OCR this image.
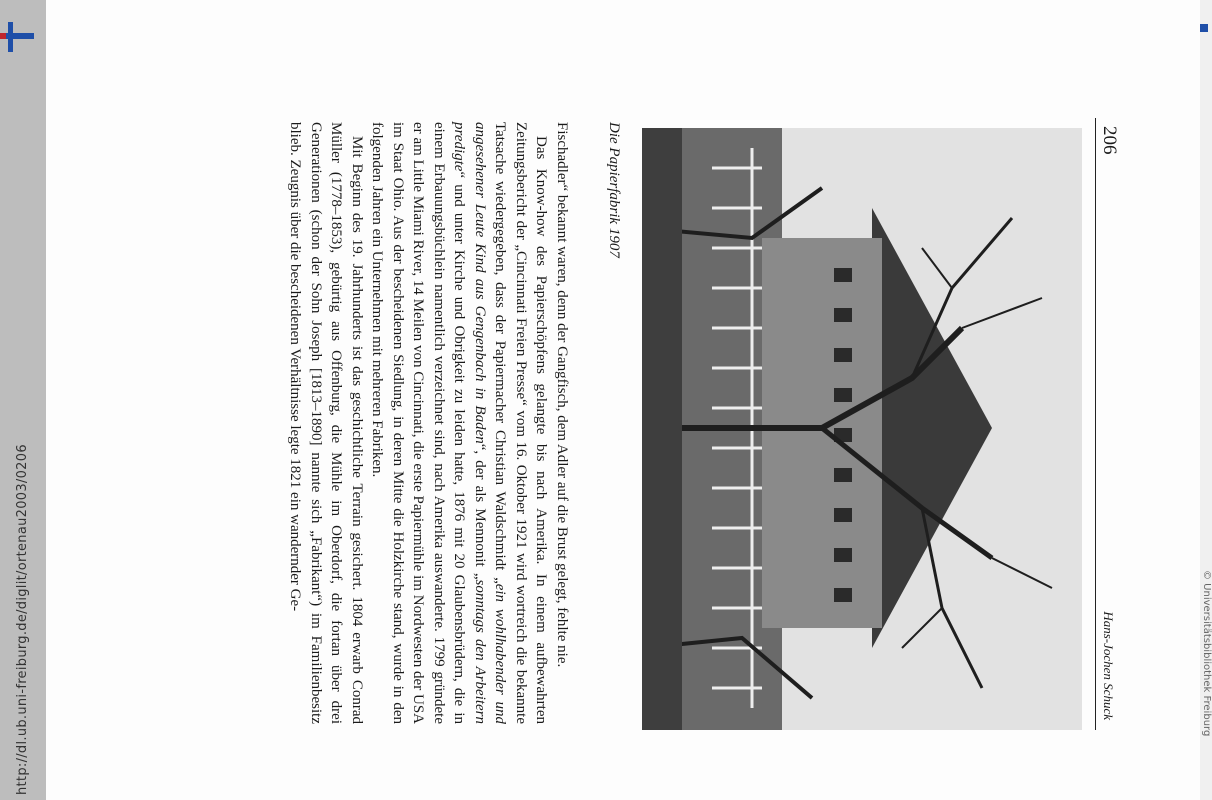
© Universitätsbibliothek Freiburg
http://dl.ub.uni-freiburg.de/diglit/ortenau2003/0206
206
Hans-Jochen Schuck
Die Papierfabrik 1907

Fischadler“ bekannt waren, denn der Gangfisch, dem Adler auf die Brust gelegt, fehlte nie.

Das Know-how des Papierschöpfens gelangte bis nach Amerika. In einem aufbewahrten Zeitungsbericht der „Cincinnati Freien Presse“ vom 16. Oktober 1921 wird wortreich die bekannte Tatsache wiedergegeben, dass der Papiermacher Christian Waldschmidt „ein wohlhabender und angesehener Leute Kind aus Gengenbach in Baden“, der als Mennonit „sonntags den Arbeitern predigte“ und unter Kirche und Obrigkeit zu leiden hatte, 1876 mit 20 Glaubensbrüdern, die in einem Erbauungsbüchlein namentlich verzeichnet sind, nach Amerika auswanderte. 1799 gründete er am Little Miami River, 14 Meilen von Cincinnati, die erste Papiermühle im Nordwesten der USA im Staat Ohio. Aus der bescheidenen Siedlung, in deren Mitte die Holzkirche stand, wurde in den folgenden Jahren ein Unternehmen mit mehreren Fabriken.

Mit Beginn des 19. Jahrhunderts ist das geschichtliche Terrain gesichert. 1804 erwarb Conrad Müller (1778–1853), gebürtig aus Offenburg, die Mühle im Oberdorf, die fortan über drei Generationen (schon der Sohn Joseph [1813–1890] nannte sich „Fabrikant“) im Familienbesitz blieb. Zeugnis über die bescheidenen Verhältnisse legte 1821 ein wandernder Ge-
